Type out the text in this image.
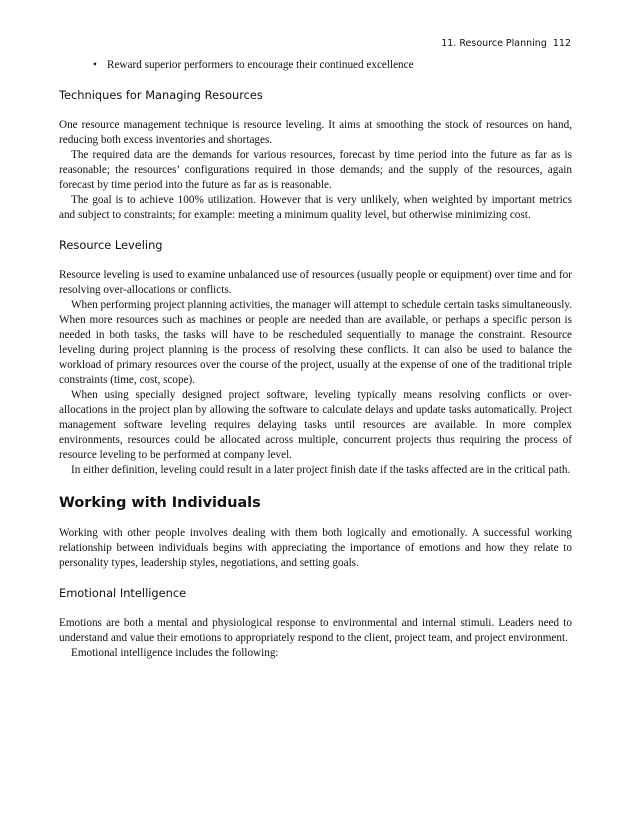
11. Resource Planning 112

• Reward superior performers to encourage their continued excellence

Techniques for Managing Resources

One resource management technique is resource leveling. It aims at smoothing the stock of resources on hand, reducing both excess inventories and shortages.

The required data are the demands for various resources, forecast by time period into the future as far as is reasonable; the resources’ configurations required in those demands; and the supply of the resources, again forecast by time period into the future as far as is reasonable.

The goal is to achieve 100% utilization. However that is very unlikely, when weighted by important metrics and subject to constraints; for example: meeting a minimum quality level, but otherwise minimizing cost.

Resource Leveling

Resource leveling is used to examine unbalanced use of resources (usually people or equipment) over time and for resolving over-allocations or conflicts.

When performing project planning activities, the manager will attempt to schedule certain tasks simultaneously. When more resources such as machines or people are needed than are available, or perhaps a specific person is needed in both tasks, the tasks will have to be rescheduled sequentially to manage the constraint. Resource leveling during project planning is the process of resolving these conflicts. It can also be used to balance the workload of primary resources over the course of the project, usually at the expense of one of the traditional triple constraints (time, cost, scope).

When using specially designed project software, leveling typically means resolving conflicts or over-allocations in the project plan by allowing the software to calculate delays and update tasks automatically. Project management software leveling requires delaying tasks until resources are available. In more complex environments, resources could be allocated across multiple, concurrent projects thus requiring the process of resource leveling to be performed at company level.

In either definition, leveling could result in a later project finish date if the tasks affected are in the critical path.

Working with Individuals

Working with other people involves dealing with them both logically and emotionally. A successful working relationship between individuals begins with appreciating the importance of emotions and how they relate to personality types, leadership styles, negotiations, and setting goals.

Emotional Intelligence

Emotions are both a mental and physiological response to environmental and internal stimuli. Leaders need to understand and value their emotions to appropriately respond to the client, project team, and project environment.

Emotional intelligence includes the following:
